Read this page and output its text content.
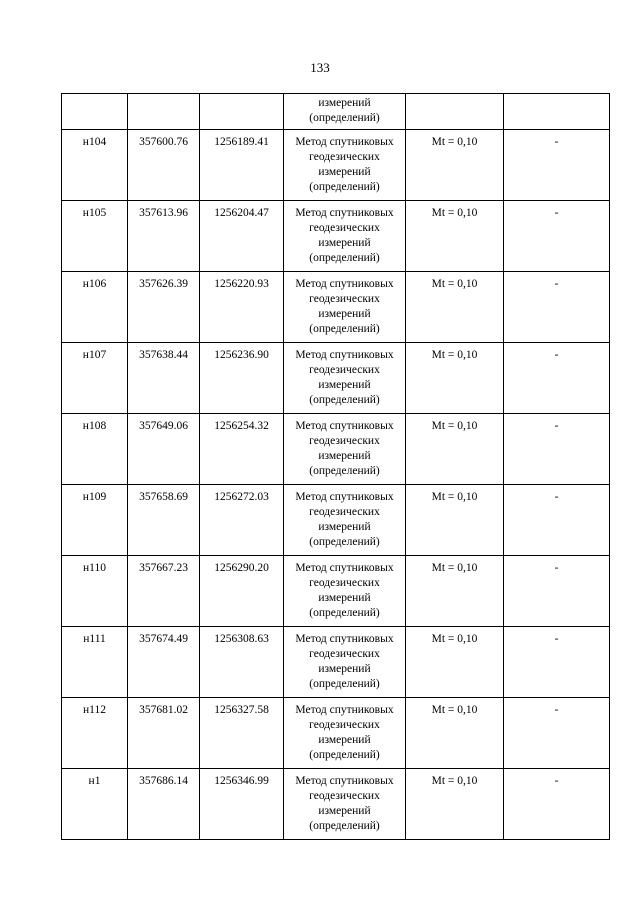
133

			измерений
(определений)		

н104	357600.76	1256189.41	Метод спутниковых
геодезических
измерений
(определений)	Mt = 0,10	-
н105	357613.96	1256204.47	Метод спутниковых
геодезических
измерений
(определений)	Mt = 0,10	-
н106	357626.39	1256220.93	Метод спутниковых
геодезических
измерений
(определений)	Mt = 0,10	-
н107	357638.44	1256236.90	Метод спутниковых
геодезических
измерений
(определений)	Mt = 0,10	-
н108	357649.06	1256254.32	Метод спутниковых
геодезических
измерений
(определений)	Mt = 0,10	-
н109	357658.69	1256272.03	Метод спутниковых
геодезических
измерений
(определений)	Mt = 0,10	-
н110	357667.23	1256290.20	Метод спутниковых
геодезических
измерений
(определений)	Mt = 0,10	-
н111	357674.49	1256308.63	Метод спутниковых
геодезических
измерений
(определений)	Mt = 0,10	-
н112	357681.02	1256327.58	Метод спутниковых
геодезических
измерений
(определений)	Mt = 0,10	-
н1	357686.14	1256346.99	Метод спутниковых
геодезических
измерений
(определений)	Mt = 0,10	-
